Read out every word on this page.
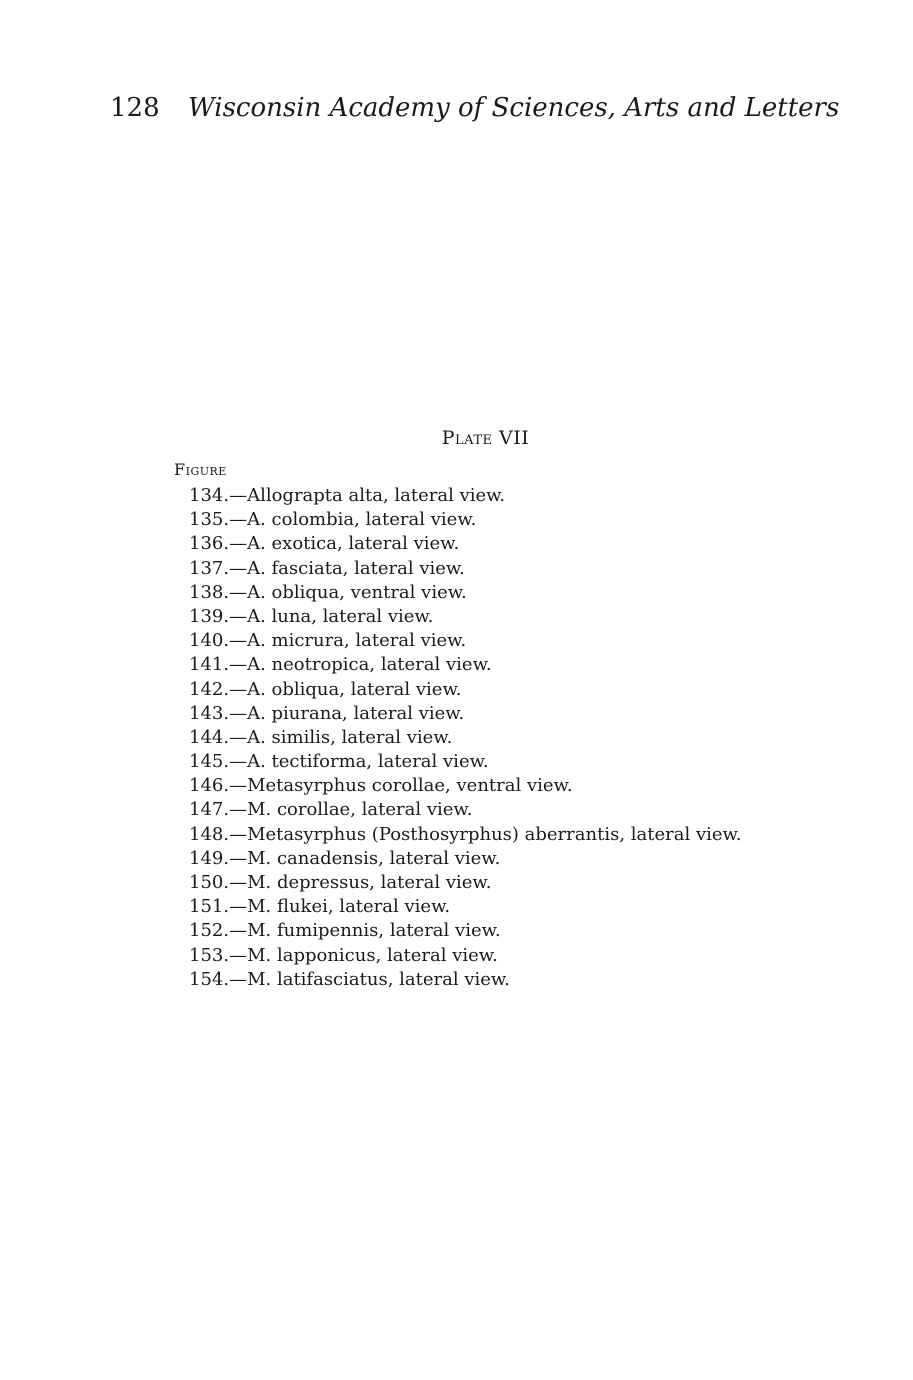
128 Wisconsin Academy of Sciences, Arts and Letters
Plate VII
Figure
134.—Allograpta alta, lateral view.
135.—A. colombia, lateral view.
136.—A. exotica, lateral view.
137.—A. fasciata, lateral view.
138.—A. obliqua, ventral view.
139.—A. luna, lateral view.
140.—A. micrura, lateral view.
141.—A. neotropica, lateral view.
142.—A. obliqua, lateral view.
143.—A. piurana, lateral view.
144.—A. similis, lateral view.
145.—A. tectiforma, lateral view.
146.—Metasyrphus corollae, ventral view.
147.—M. corollae, lateral view.
148.—Metasyrphus (Posthosyrphus) aberrantis, lateral view.
149.—M. canadensis, lateral view.
150.—M. depressus, lateral view.
151.—M. flukei, lateral view.
152.—M. fumipennis, lateral view.
153.—M. lapponicus, lateral view.
154.—M. latifasciatus, lateral view.
